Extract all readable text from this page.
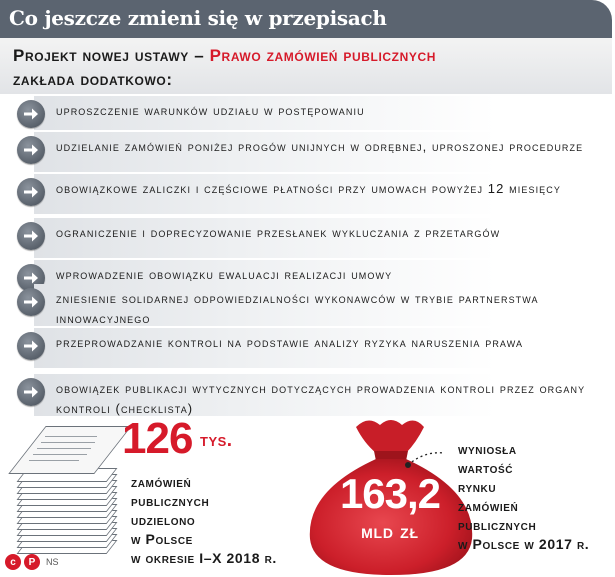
Co jeszcze zmieni się w przepisach
Projekt nowej ustawy – Prawo zamówień publicznych
zakłada dodatkowo:
uproszczenie warunków udziału w postępowaniu
udzielanie zamówień poniżej progów unijnych w odrębnej, uproszonej procedurze
obowiązkowe zaliczki i częściowe płatności przy umowach powyżej 12 miesięcy
ograniczenie i doprecyzowanie przesłanek wykluczania z przetargów
wprowadzenie obowiązku ewaluacji realizacji umowy
zniesienie solidarnej odpowiedzialności wykonawców w trybie partnerstwa innowacyjnego
przeprowadzanie kontroli na podstawie analizy ryzyka naruszenia prawa
obowiązek publikacji wytycznych dotyczących prowadzenia kontroli przez organy kontroli (checklista)
126 tys.
zamówień
publicznych
udzielono
w Polsce
w okresie I–X 2018 r.
163,2
mld zł
wyniosła
wartość
rynku
zamówień
publicznych
w Polsce w 2017 r.
c	P	NS
